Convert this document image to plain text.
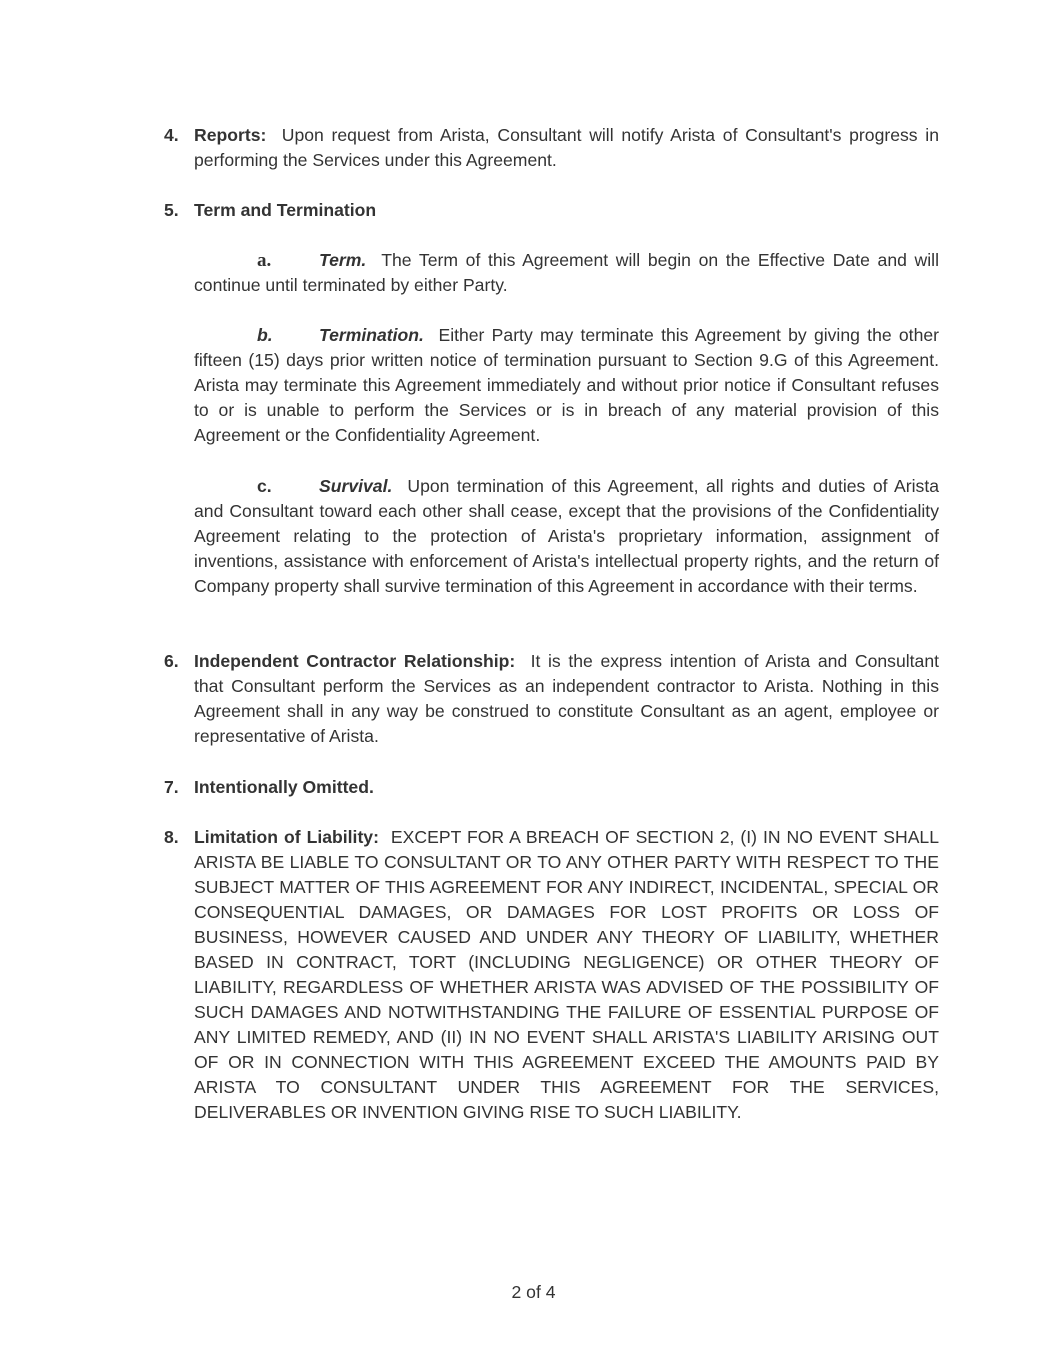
4. Reports: Upon request from Arista, Consultant will notify Arista of Consultant's progress in performing the Services under this Agreement.
5. Term and Termination
a.	Term. The Term of this Agreement will begin on the Effective Date and will continue until terminated by either Party.
b.	Termination. Either Party may terminate this Agreement by giving the other fifteen (15) days prior written notice of termination pursuant to Section 9.G of this Agreement. Arista may terminate this Agreement immediately and without prior notice if Consultant refuses to or is unable to perform the Services or is in breach of any material provision of this Agreement or the Confidentiality Agreement.
c.	Survival. Upon termination of this Agreement, all rights and duties of Arista and Consultant toward each other shall cease, except that the provisions of the Confidentiality Agreement relating to the protection of Arista's proprietary information, assignment of inventions, assistance with enforcement of Arista's intellectual property rights, and the return of Company property shall survive termination of this Agreement in accordance with their terms.
6. Independent Contractor Relationship: It is the express intention of Arista and Consultant that Consultant perform the Services as an independent contractor to Arista. Nothing in this Agreement shall in any way be construed to constitute Consultant as an agent, employee or representative of Arista.
7. Intentionally Omitted.
8. Limitation of Liability: EXCEPT FOR A BREACH OF SECTION 2, (I) IN NO EVENT SHALL ARISTA BE LIABLE TO CONSULTANT OR TO ANY OTHER PARTY WITH RESPECT TO THE SUBJECT MATTER OF THIS AGREEMENT FOR ANY INDIRECT, INCIDENTAL, SPECIAL OR CONSEQUENTIAL DAMAGES, OR DAMAGES FOR LOST PROFITS OR LOSS OF BUSINESS, HOWEVER CAUSED AND UNDER ANY THEORY OF LIABILITY, WHETHER BASED IN CONTRACT, TORT (INCLUDING NEGLIGENCE) OR OTHER THEORY OF LIABILITY, REGARDLESS OF WHETHER ARISTA WAS ADVISED OF THE POSSIBILITY OF SUCH DAMAGES AND NOTWITHSTANDING THE FAILURE OF ESSENTIAL PURPOSE OF ANY LIMITED REMEDY, AND (II) IN NO EVENT SHALL ARISTA'S LIABILITY ARISING OUT OF OR IN CONNECTION WITH THIS AGREEMENT EXCEED THE AMOUNTS PAID BY ARISTA TO CONSULTANT UNDER THIS AGREEMENT FOR THE SERVICES, DELIVERABLES OR INVENTION GIVING RISE TO SUCH LIABILITY.
2 of 4
